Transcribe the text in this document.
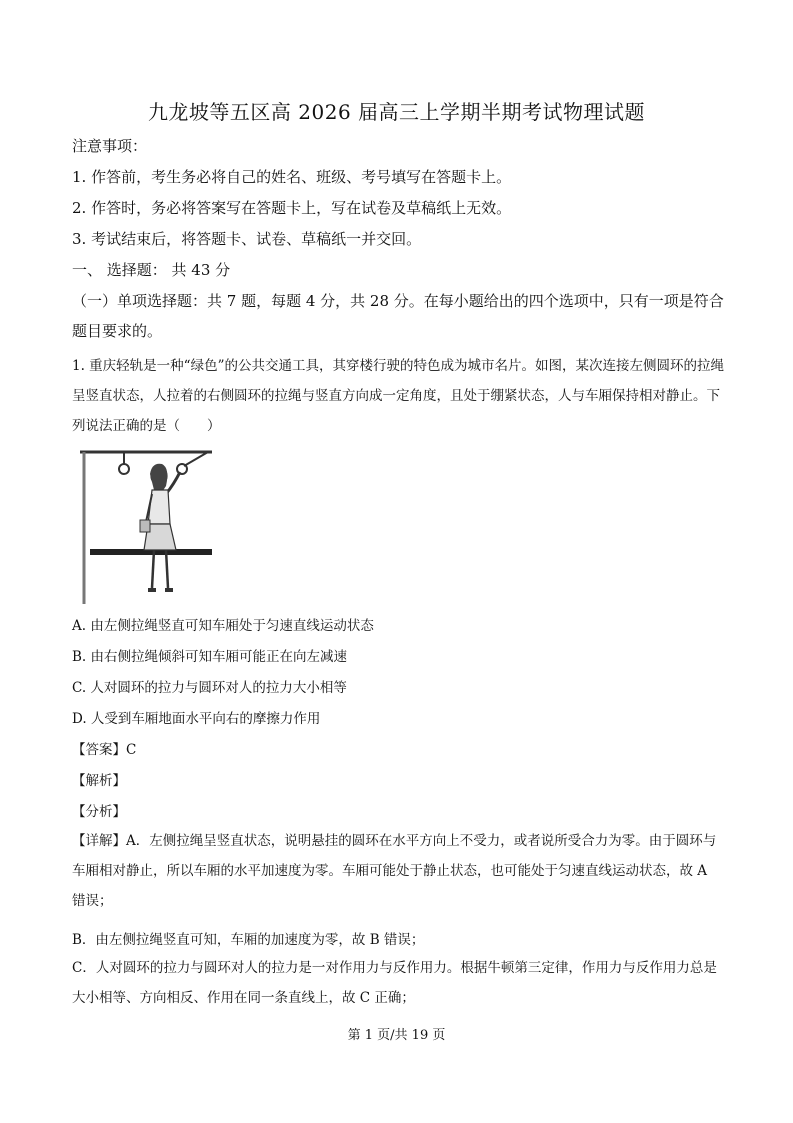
九龙坡等五区高 2026 届高三上学期半期考试物理试题
注意事项：
1. 作答前，考生务必将自己的姓名、班级、考号填写在答题卡上。
2. 作答时，务必将答案写在答题卡上，写在试卷及草稿纸上无效。
3. 考试结束后，将答题卡、试卷、草稿纸一并交回。
一、 选择题： 共 43 分
（一）单项选择题：共 7 题，每题 4 分，共 28 分。在每小题给出的四个选项中，只有一项是符合题目要求的。
1. 重庆轻轨是一种“绿色”的公共交通工具，其穿楼行驶的特色成为城市名片。如图，某次连接左侧圆环的拉绳呈竖直状态，人拉着的右侧圆环的拉绳与竖直方向成一定角度，且处于绷紧状态，人与车厢保持相对静止。下列说法正确的是（　　）
A. 由左侧拉绳竖直可知车厢处于匀速直线运动状态
B. 由右侧拉绳倾斜可知车厢可能正在向左减速
C. 人对圆环的拉力与圆环对人的拉力大小相等
D. 人受到车厢地面水平向右的摩擦力作用
【答案】C
【解析】
【分析】
【详解】A．左侧拉绳呈竖直状态，说明悬挂的圆环在水平方向上不受力，或者说所受合力为零。由于圆环与车厢相对静止，所以车厢的水平加速度为零。车厢可能处于静止状态，也可能处于匀速直线运动状态，故 A 错误；
B．由左侧拉绳竖直可知，车厢的加速度为零，故 B 错误；
C．人对圆环的拉力与圆环对人的拉力是一对作用力与反作用力。根据牛顿第三定律，作用力与反作用力总是大小相等、方向相反、作用在同一条直线上，故 C 正确；
第 1 页/共 19 页
